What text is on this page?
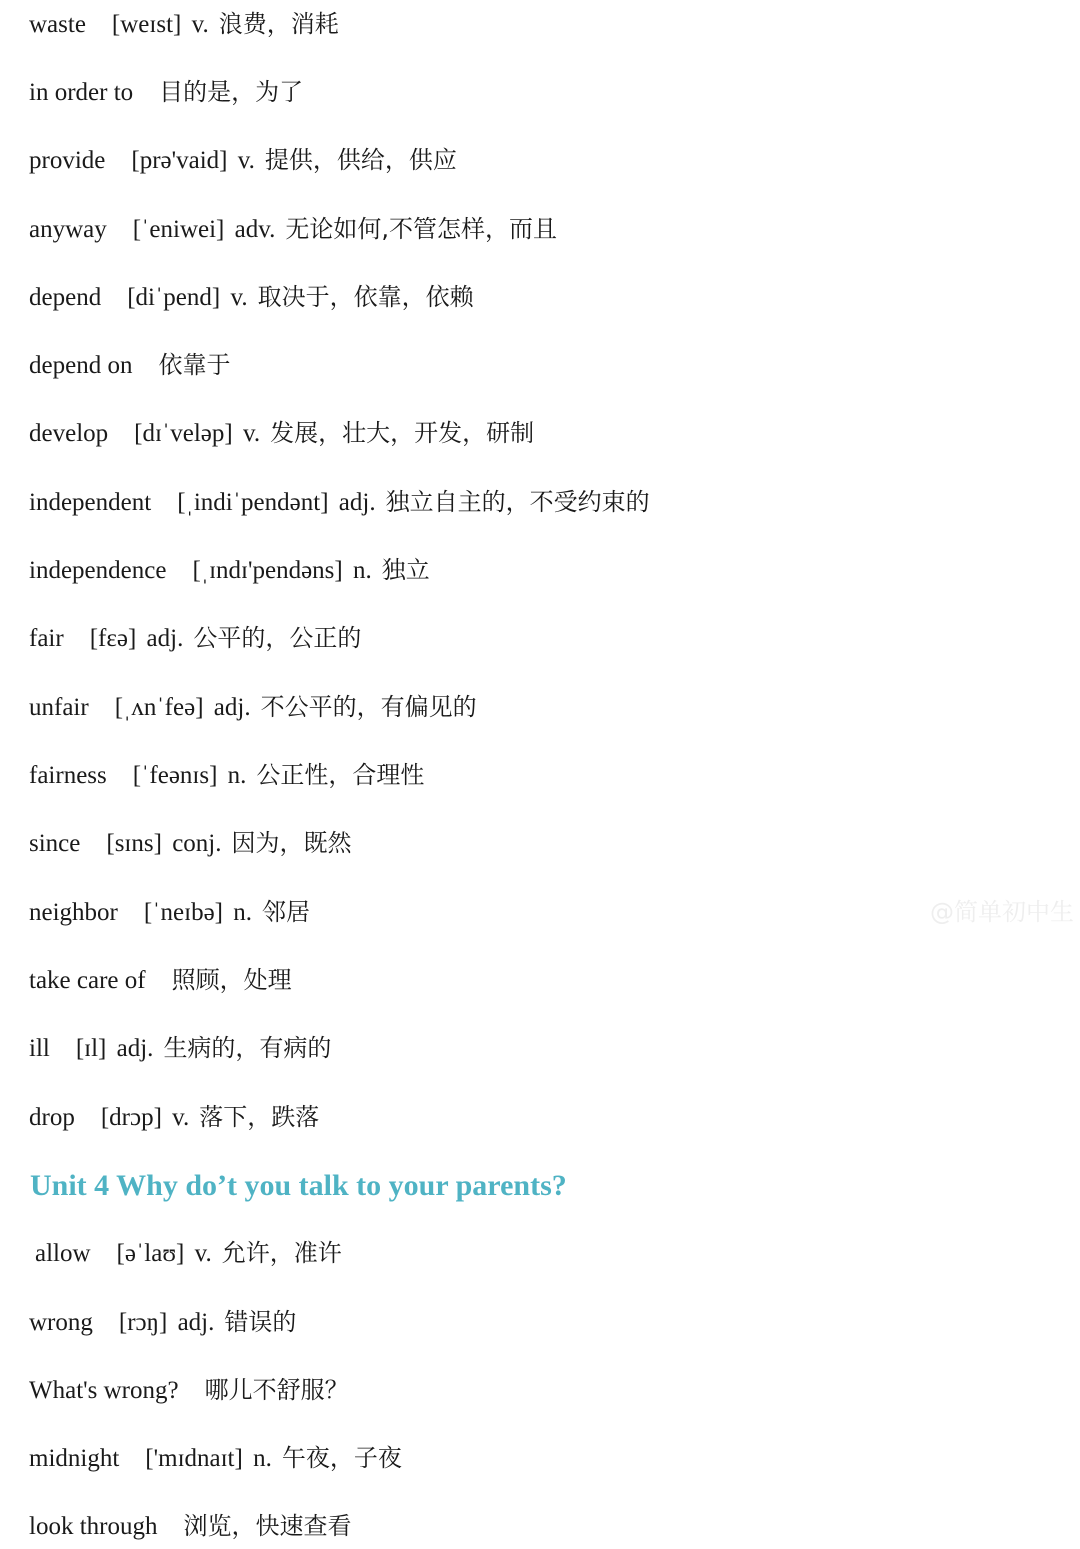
waste [weɪst] v. 浪费，消耗
in order to 目的是，为了
provide [prə'vaid] v. 提供，供给，供应
anyway [ˈeniwei] adv. 无论如何,不管怎样，而且
depend [diˈpend] v. 取决于，依靠，依赖
depend on 依靠于
develop [dɪˈveləp] v. 发展，壮大，开发，研制
independent [ˌindiˈpendənt] adj. 独立自主的，不受约束的
independence [ˌɪndɪ'pendəns] n. 独立
fair [fɛə] adj. 公平的，公正的
unfair [ˌʌnˈfeə] adj. 不公平的，有偏见的
fairness [ˈfeənɪs] n. 公正性，合理性
since [sɪns] conj. 因为，既然
neighbor [ˈneɪbə] n. 邻居
take care of 照顾，处理
ill [ɪl] adj. 生病的，有病的
drop [drɔp] v. 落下，跌落
Unit 4 Why do’t you talk to your parents?
allow [əˈlaʊ] v. 允许，准许
wrong [rɔŋ] adj. 错误的
What's wrong? 哪儿不舒服？
midnight ['mɪdnaɪt] n. 午夜，子夜
look through 浏览，快速查看
@简单初中生
